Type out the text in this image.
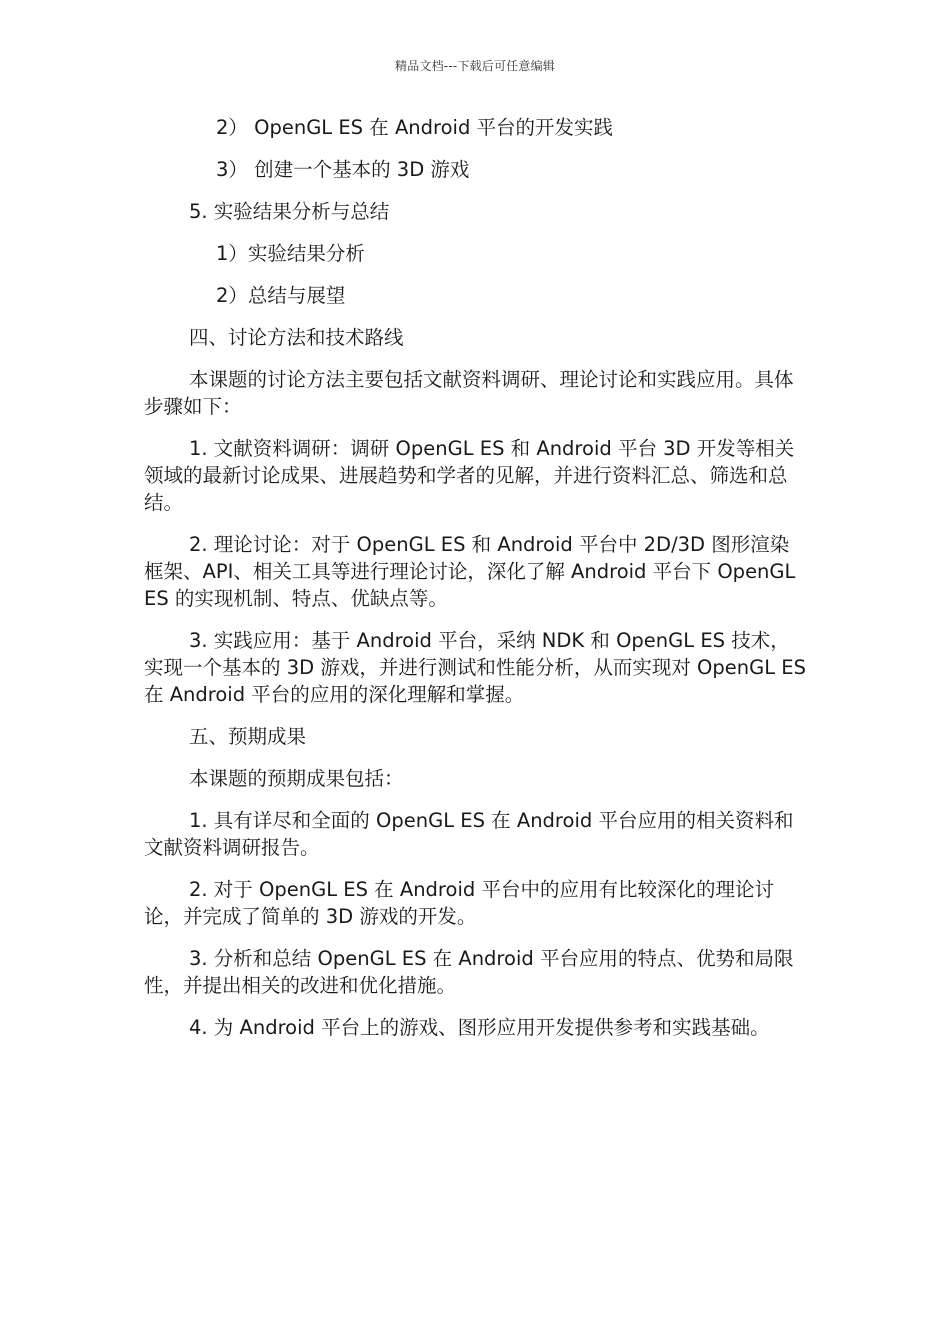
精品文档---下载后可任意编辑

2） OpenGL ES 在 Android 平台的开发实践

3） 创建一个基本的 3D 游戏

5. 实验结果分析与总结

1）实验结果分析

2）总结与展望

四、讨论方法和技术路线

本课题的讨论方法主要包括文献资料调研、理论讨论和实践应用。具体步骤如下：

1. 文献资料调研：调研 OpenGL ES 和 Android 平台 3D 开发等相关领域的最新讨论成果、进展趋势和学者的见解，并进行资料汇总、筛选和总结。

2. 理论讨论：对于 OpenGL ES 和 Android 平台中 2D/3D 图形渲染框架、API、相关工具等进行理论讨论，深化了解 Android 平台下 OpenGL ES 的实现机制、特点、优缺点等。

3. 实践应用：基于 Android 平台，采纳 NDK 和 OpenGL ES 技术，实现一个基本的 3D 游戏，并进行测试和性能分析，从而实现对 OpenGL ES 在 Android 平台的应用的深化理解和掌握。

五、预期成果

本课题的预期成果包括：

1. 具有详尽和全面的 OpenGL ES 在 Android 平台应用的相关资料和文献资料调研报告。

2. 对于 OpenGL ES 在 Android 平台中的应用有比较深化的理论讨论，并完成了简单的 3D 游戏的开发。

3. 分析和总结 OpenGL ES 在 Android 平台应用的特点、优势和局限性，并提出相关的改进和优化措施。

4. 为 Android 平台上的游戏、图形应用开发提供参考和实践基础。
